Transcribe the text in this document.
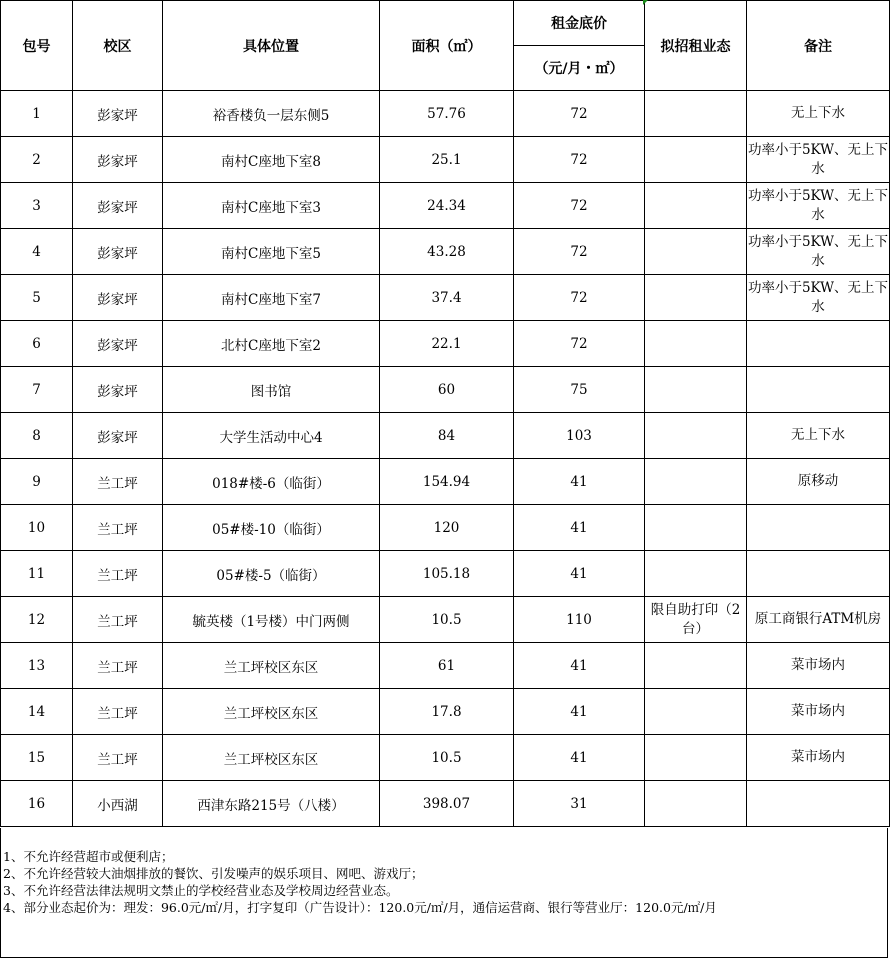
包号	校区	具体位置	面积（㎡）	租金底价	拟招租业态	备注
				（元/月・㎡）		
1	彭家坪	裕香楼负一层东侧5	57.76	72		无上下水
2	彭家坪	南村C座地下室8	25.1	72		功率小于5KW、无上下水
3	彭家坪	南村C座地下室3	24.34	72		功率小于5KW、无上下水
4	彭家坪	南村C座地下室5	43.28	72		功率小于5KW、无上下水
5	彭家坪	南村C座地下室7	37.4	72		功率小于5KW、无上下水
6	彭家坪	北村C座地下室2	22.1	72		
7	彭家坪	图书馆	60	75		
8	彭家坪	大学生活动中心4	84	103		无上下水
9	兰工坪	018#楼-6（临街）	154.94	41		原移动
10	兰工坪	05#楼-10（临街）	120	41		
11	兰工坪	05#楼-5（临街）	105.18	41		
12	兰工坪	毓英楼（1号楼）中门两侧	10.5	110	限自助打印（2台）	原工商银行ATM机房
13	兰工坪	兰工坪校区东区	61	41		菜市场内
14	兰工坪	兰工坪校区东区	17.8	41		菜市场内
15	兰工坪	兰工坪校区东区	10.5	41		菜市场内
16	小西湖	西津东路215号（八楼）	398.07	31		
1、不允许经营超市或便利店；
2、不允许经营较大油烟排放的餐饮、引发噪声的娱乐项目、网吧、游戏厅；
3、不允许经营法律法规明文禁止的学校经营业态及学校周边经营业态。
4、部分业态起价为：理发：96.0元/㎡/月，打字复印（广告设计）：120.0元/㎡/月，通信运营商、银行等营业厅：120.0元/㎡/月
